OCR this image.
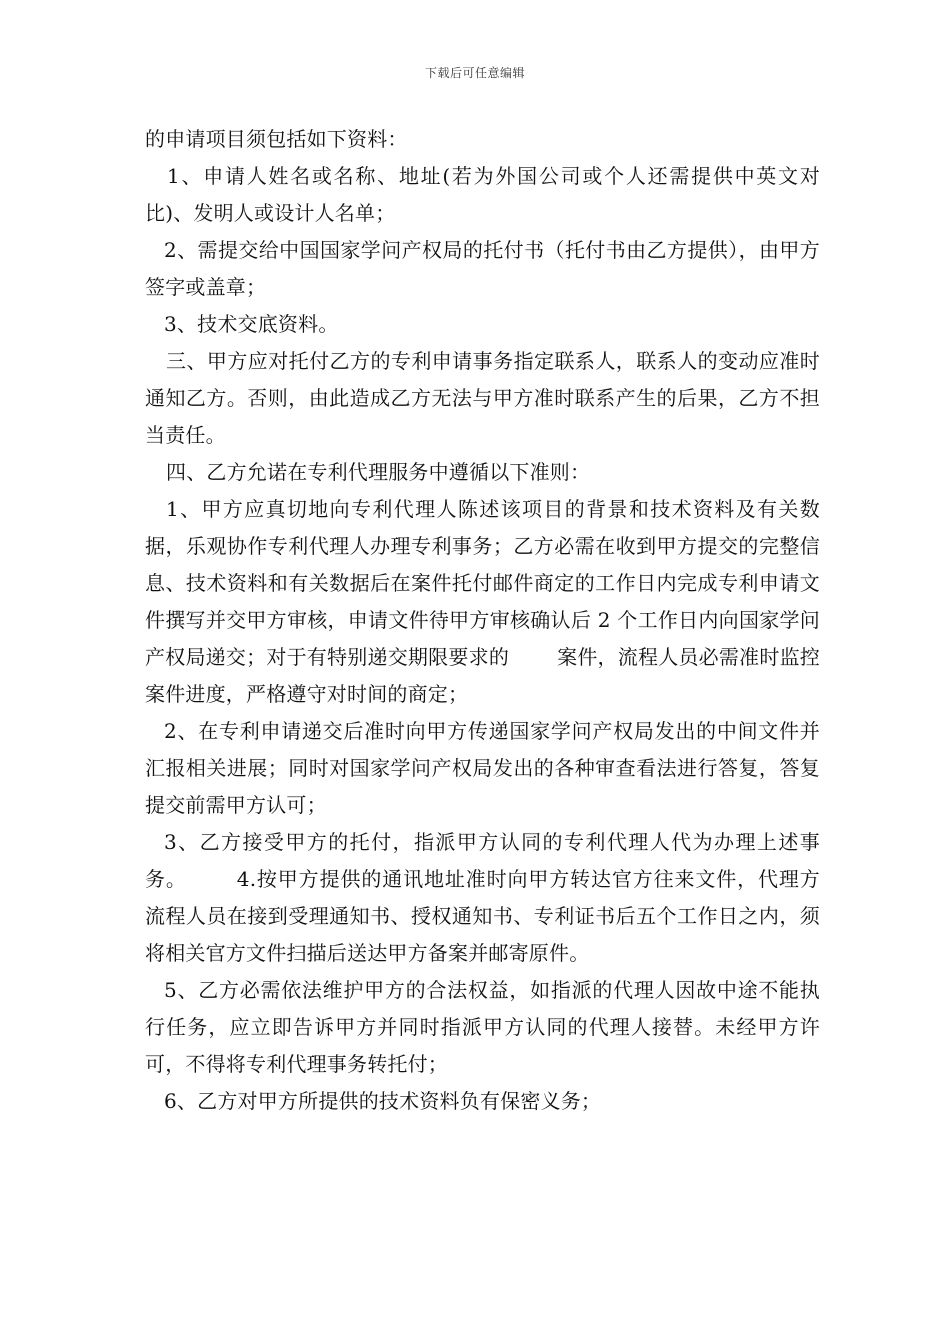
下载后可任意编辑

的申请项目须包括如下资料：

1、申请人姓名或名称、地址(若为外国公司或个人还需提供中英文对比)、发明人或设计人名单；

2、需提交给中国国家学问产权局的托付书（托付书由乙方提供），由甲方签字或盖章；

3、技术交底资料。

三、甲方应对托付乙方的专利申请事务指定联系人，联系人的变动应准时通知乙方。否则，由此造成乙方无法与甲方准时联系产生的后果，乙方不担当责任。

四、乙方允诺在专利代理服务中遵循以下准则：

1、甲方应真切地向专利代理人陈述该项目的背景和技术资料及有关数据，乐观协作专利代理人办理专利事务；乙方必需在收到甲方提交的完整信息、技术资料和有关数据后在案件托付邮件商定的工作日内完成专利申请文件撰写并交甲方审核，申请文件待甲方审核确认后 2 个工作日内向国家学问产权局递交；对于有特别递交期限要求的 案件，流程人员必需准时监控案件进度，严格遵守对时间的商定；

2、在专利申请递交后准时向甲方传递国家学问产权局发出的中间文件并汇报相关进展；同时对国家学问产权局发出的各种审查看法进行答复，答复提交前需甲方认可；

3、乙方接受甲方的托付，指派甲方认同的专利代理人代为办理上述事务。	4.按甲方提供的通讯地址准时向甲方转达官方往来文件，代理方流程人员在接到受理通知书、授权通知书、专利证书后五个工作日之内，须将相关官方文件扫描后送达甲方备案并邮寄原件。

5、乙方必需依法维护甲方的合法权益，如指派的代理人因故中途不能执行任务，应立即告诉甲方并同时指派甲方认同的代理人接替。未经甲方许可，不得将专利代理事务转托付；

6、乙方对甲方所提供的技术资料负有保密义务；
